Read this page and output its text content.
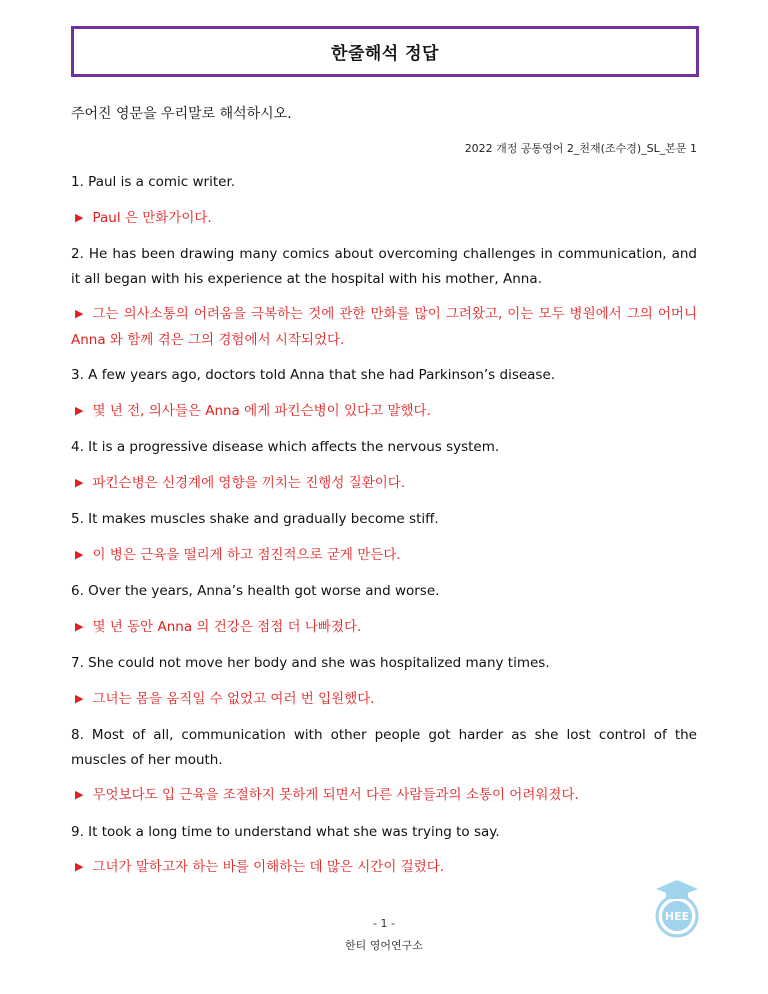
한줄해석 정답
주어진 영문을 우리말로 해석하시오.
2022 개정 공통영어 2_천재(조수경)_SL_본문 1

1. Paul is a comic writer.

▶ Paul 은 만화가이다.

2. He has been drawing many comics about overcoming challenges in communication, and it all began with his experience at the hospital with his mother, Anna.

▶ 그는 의사소통의 어려움을 극복하는 것에 관한 만화를 많이 그려왔고, 이는 모두 병원에서 그의 어머니 Anna 와 함께 겪은 그의 경험에서 시작되었다.

3. A few years ago, doctors told Anna that she had Parkinson’s disease.

▶ 몇 년 전, 의사들은 Anna 에게 파킨슨병이 있다고 말했다.

4. It is a progressive disease which affects the nervous system.

▶ 파킨슨병은 신경계에 영향을 끼치는 진행성 질환이다.

5. It makes muscles shake and gradually become stiff.

▶ 이 병은 근육을 떨리게 하고 점진적으로 굳게 만든다.

6. Over the years, Anna’s health got worse and worse.

▶ 몇 년 동안 Anna 의 건강은 점점 더 나빠졌다.

7. She could not move her body and she was hospitalized many times.

▶ 그녀는 몸을 움직일 수 없었고 여러 번 입원했다.

8. Most of all, communication with other people got harder as she lost control of the muscles of her mouth.

▶ 무엇보다도 입 근육을 조절하지 못하게 되면서 다른 사람들과의 소통이 어려워졌다.

9. It took a long time to understand what she was trying to say.

▶ 그녀가 말하고자 하는 바를 이해하는 데 많은 시간이 걸렸다.

- 1 -
한티 영어연구소
HEE
